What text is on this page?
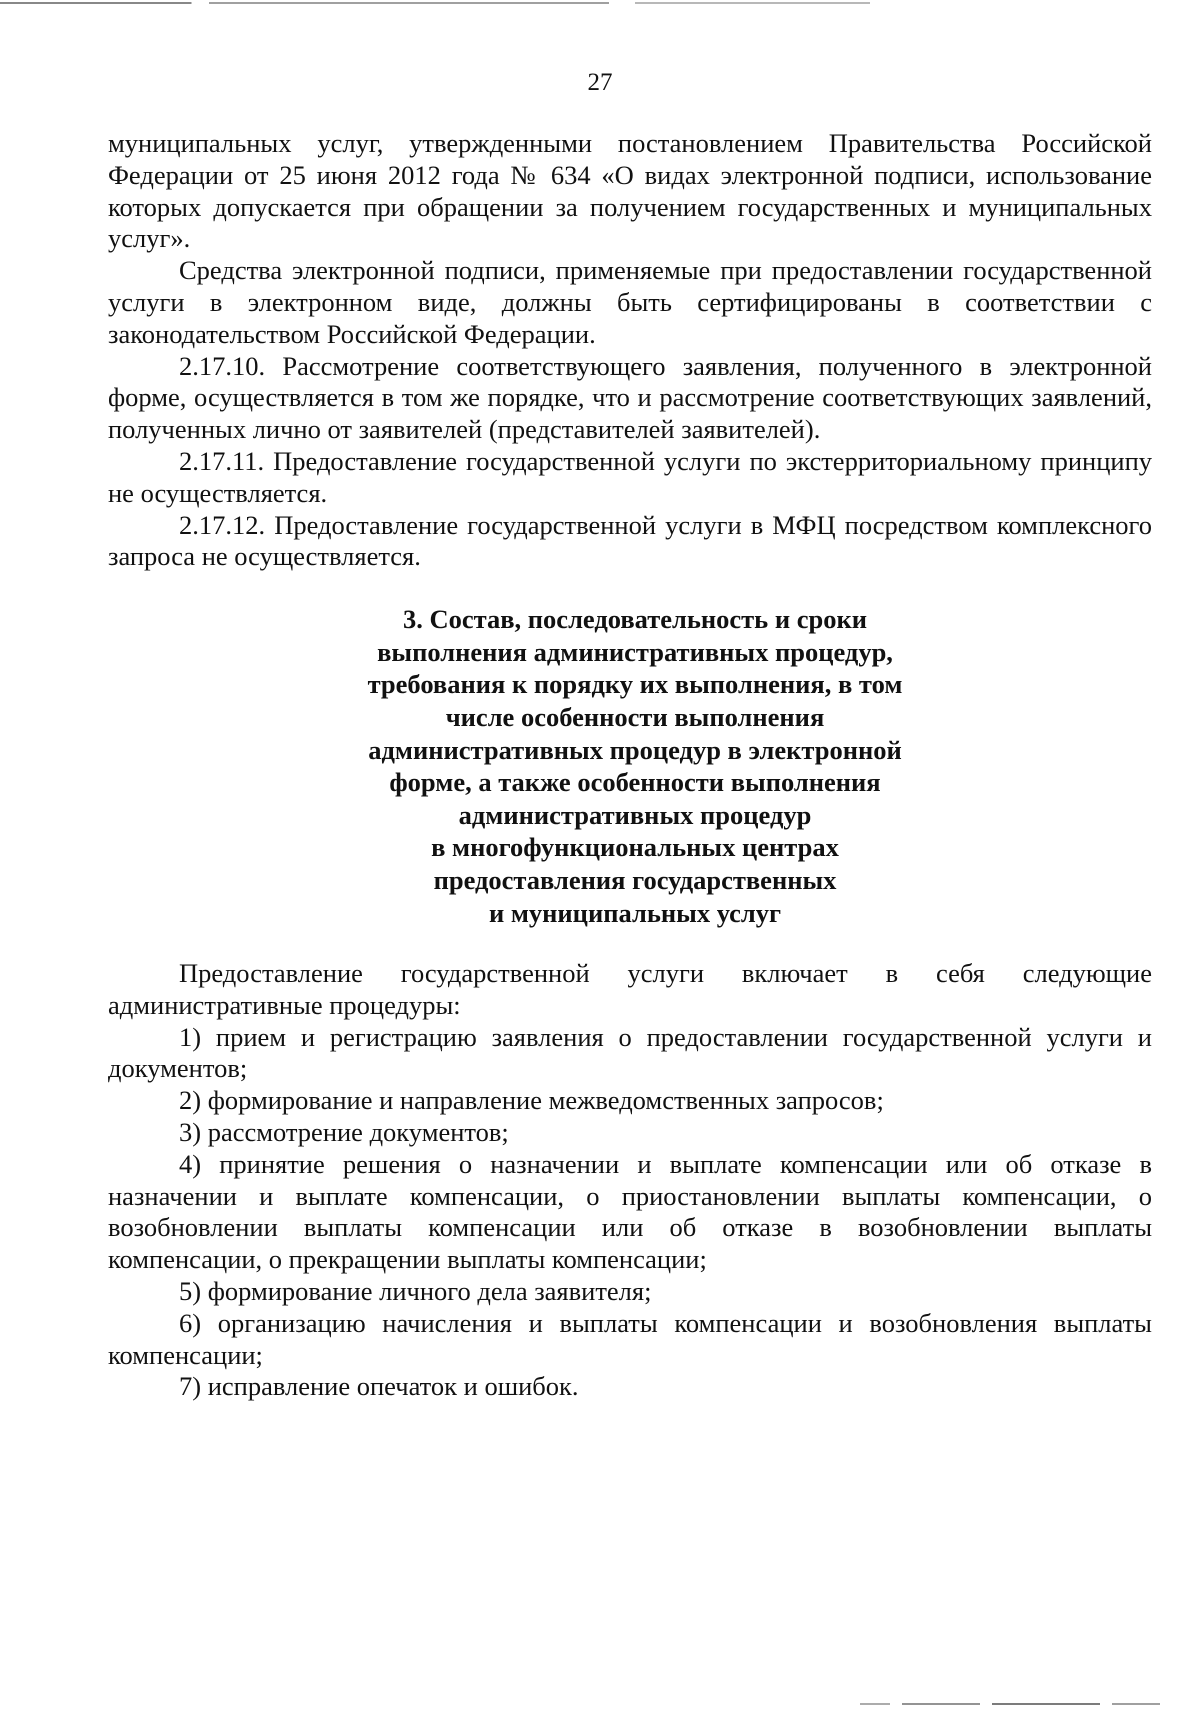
27

муниципальных услуг, утвержденными постановлением Правительства Российской Федерации от 25 июня 2012 года № 634 «О видах электронной подписи, использование которых допускается при обращении за получением государственных и муниципальных услуг».

Средства электронной подписи, применяемые при предоставлении государственной услуги в электронном виде, должны быть сертифицированы в соответствии с законодательством Российской Федерации.

2.17.10. Рассмотрение соответствующего заявления, полученного в электронной форме, осуществляется в том же порядке, что и рассмотрение соответствующих заявлений, полученных лично от заявителей (представителей заявителей).

2.17.11. Предоставление государственной услуги по экстерриториальному принципу не осуществляется.

2.17.12. Предоставление государственной услуги в МФЦ посредством комплексного запроса не осуществляется.

3. Состав, последовательность и сроки
выполнения административных процедур,
требования к порядку их выполнения, в том
числе особенности выполнения
административных процедур в электронной
форме, а также особенности выполнения
административных процедур
в многофункциональных центрах
предоставления государственных
и муниципальных услуг

Предоставление государственной услуги включает в себя следующие административные процедуры:

1) прием и регистрацию заявления о предоставлении государственной услуги и документов;

2) формирование и направление межведомственных запросов;

3) рассмотрение документов;

4) принятие решения о назначении и выплате компенсации или об отказе в назначении и выплате компенсации, о приостановлении выплаты компенсации, о возобновлении выплаты компенсации или об отказе в возобновлении выплаты компенсации, о прекращении выплаты компенсации;

5) формирование личного дела заявителя;

6) организацию начисления и выплаты компенсации и возобновления выплаты компенсации;

7) исправление опечаток и ошибок.
